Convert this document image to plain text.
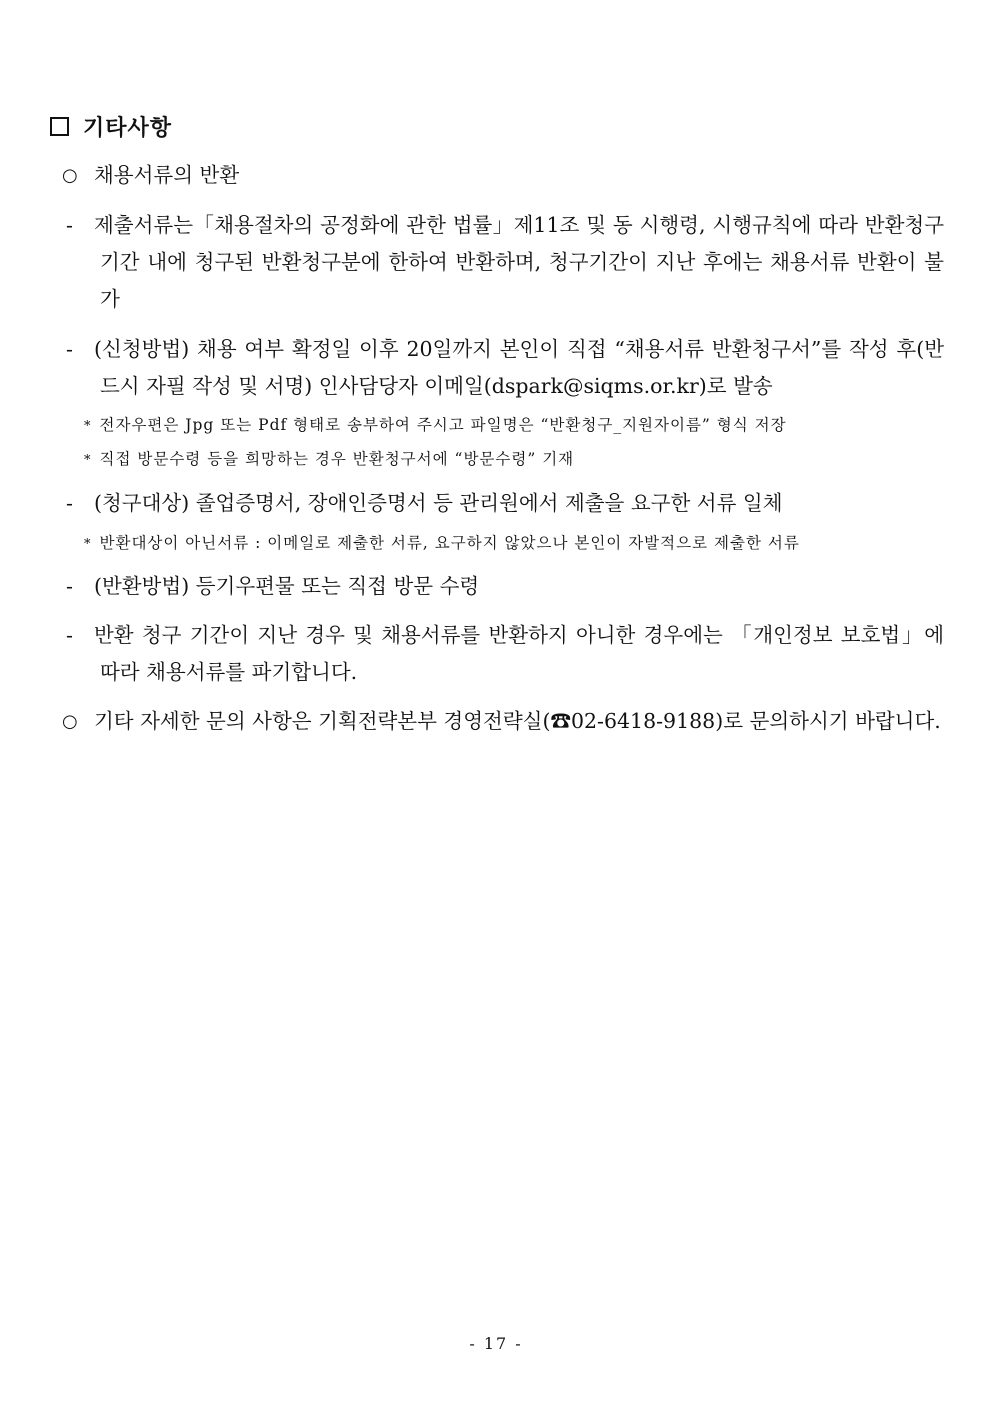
기타사항
○ 채용서류의 반환
- 제출서류는「채용절차의 공정화에 관한 법률」제11조 및 동 시행령, 시행규칙에 따라 반환청구기간 내에 청구된 반환청구분에 한하여 반환하며, 청구기간이 지난 후에는 채용서류 반환이 불가
- (신청방법) 채용 여부 확정일 이후 20일까지 본인이 직접 “채용서류 반환청구서”를 작성 후(반드시 자필 작성 및 서명) 인사담당자 이메일(dspark@siqms.or.kr)로 발송
* 전자우편은 Jpg 또는 Pdf 형태로 송부하여 주시고 파일명은 “반환청구_지원자이름” 형식 저장
* 직접 방문수령 등을 희망하는 경우 반환청구서에 “방문수령” 기재
- (청구대상) 졸업증명서, 장애인증명서 등 관리원에서 제출을 요구한 서류 일체
* 반환대상이 아닌서류 : 이메일로 제출한 서류, 요구하지 않았으나 본인이 자발적으로 제출한 서류
- (반환방법) 등기우편물 또는 직접 방문 수령
- 반환 청구 기간이 지난 경우 및 채용서류를 반환하지 아니한 경우에는 「개인정보 보호법」에 따라 채용서류를 파기합니다.
○ 기타 자세한 문의 사항은 기획전략본부 경영전략실(☎02-6418-9188)로 문의하시기 바랍니다.
- 17 -
